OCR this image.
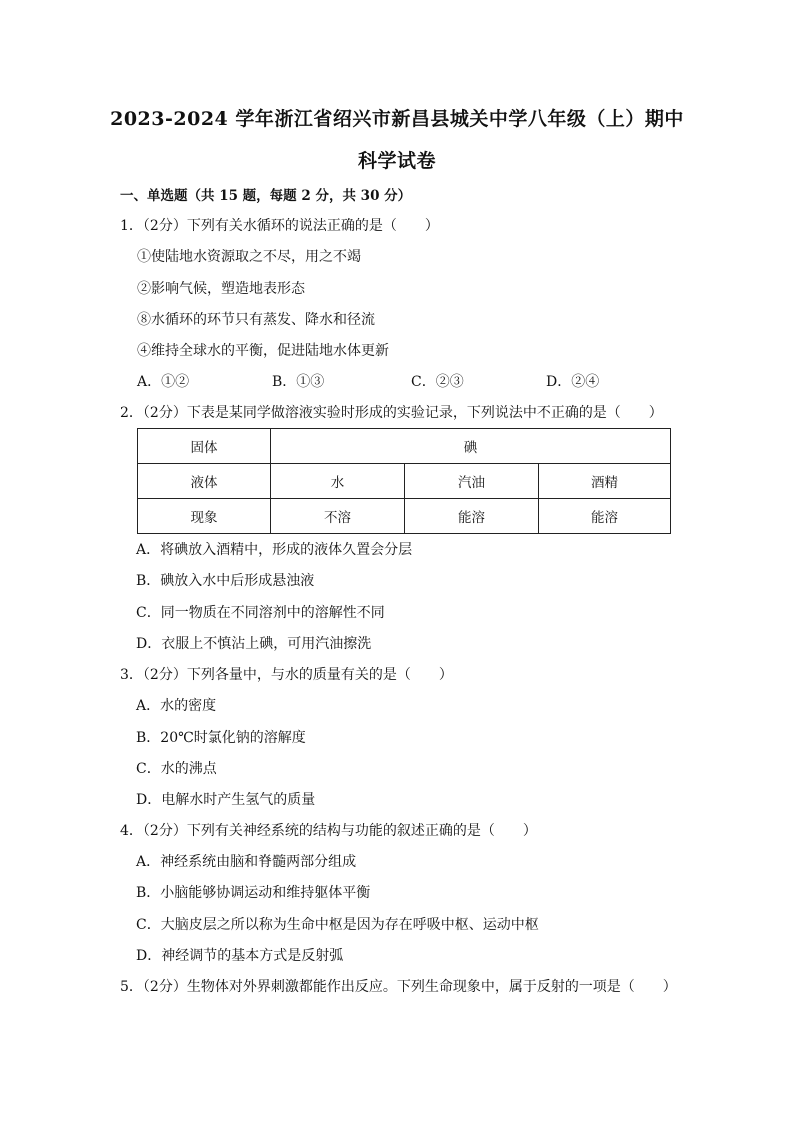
2023-2024 学年浙江省绍兴市新昌县城关中学八年级（上）期中
科学试卷
一、单选题（共 15 题，每题 2 分，共 30 分）
1．（2分）下列有关水循环的说法正确的是（　　）
①使陆地水资源取之不尽，用之不竭
②影响气候，塑造地表形态
⑧水循环的环节只有蒸发、降水和径流
④维持全球水的平衡，促进陆地水体更新
A．①②	B．①③	C．②③	D．②④
2．（2分）下表是某同学做溶液实验时形成的实验记录，下列说法中不正确的是（　　）
固体	碘		
液体	水	汽油	酒精
现象	不溶	能溶	能溶
A．将碘放入酒精中，形成的液体久置会分层
B．碘放入水中后形成悬浊液
C．同一物质在不同溶剂中的溶解性不同
D．衣服上不慎沾上碘，可用汽油擦洗
3．（2分）下列各量中，与水的质量有关的是（　　）
A．水的密度
B．20℃时氯化钠的溶解度
C．水的沸点
D．电解水时产生氢气的质量
4．（2分）下列有关神经系统的结构与功能的叙述正确的是（　　）
A．神经系统由脑和脊髓两部分组成
B．小脑能够协调运动和维持躯体平衡
C．大脑皮层之所以称为生命中枢是因为存在呼吸中枢、运动中枢
D．神经调节的基本方式是反射弧
5．（2分）生物体对外界刺激都能作出反应。下列生命现象中，属于反射的一项是（　　）
